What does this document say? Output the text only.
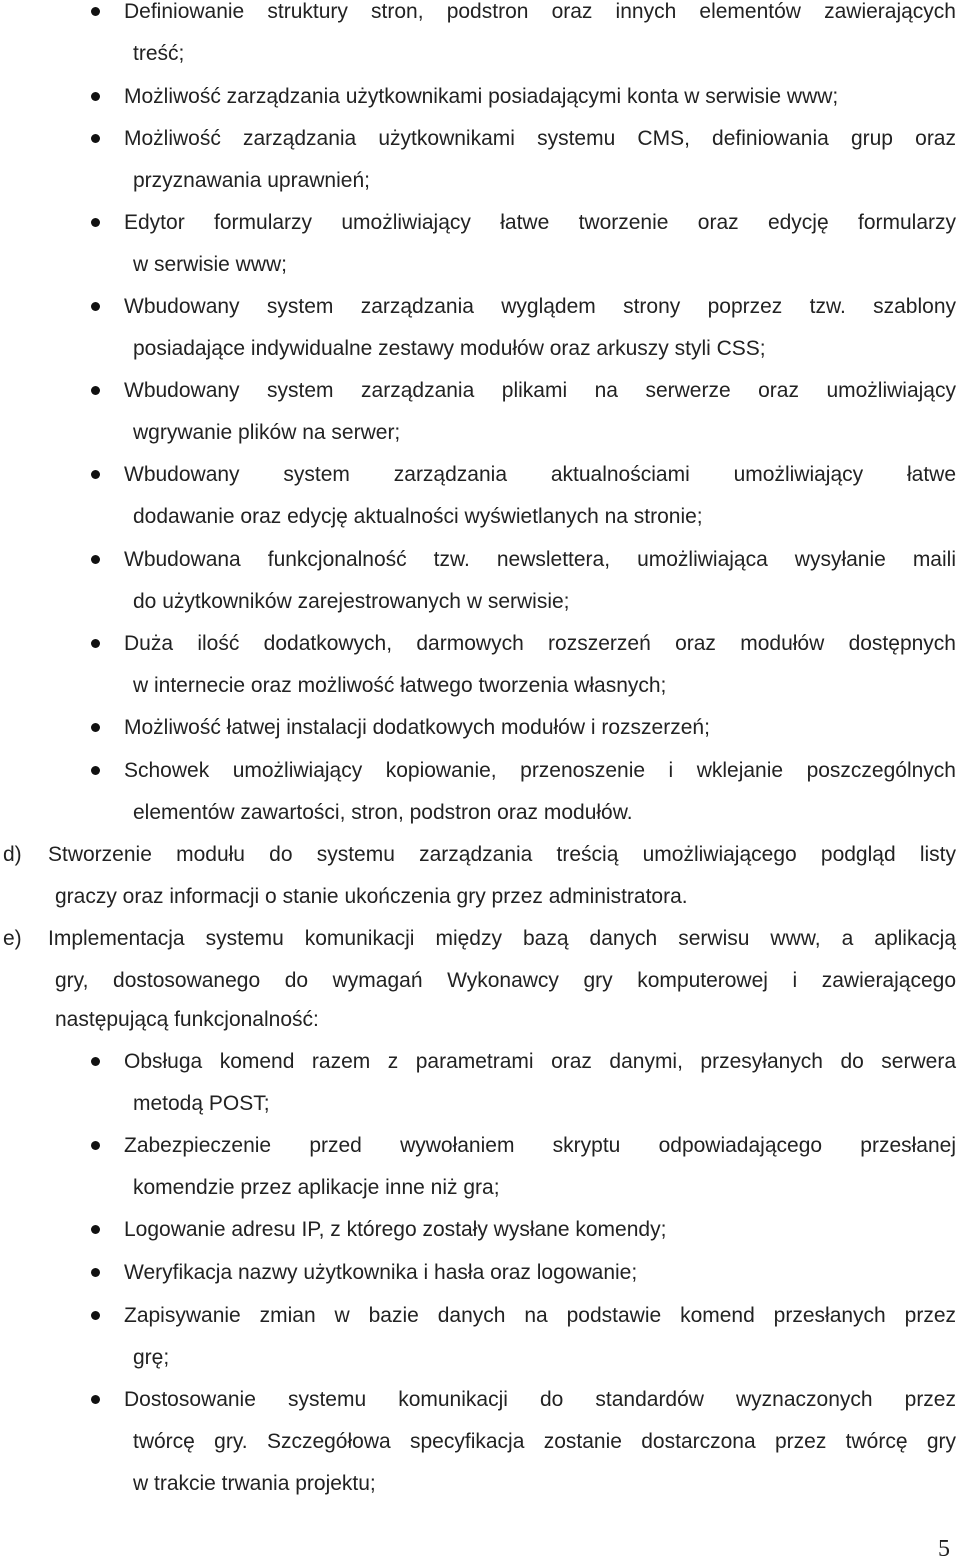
Definiowanie struktury stron, podstron oraz innych elementów zawierających
treść;
Możliwość zarządzania użytkownikami posiadającymi konta w serwisie www;
Możliwość zarządzania użytkownikami systemu CMS, definiowania grup oraz
przyznawania uprawnień;
Edytor formularzy umożliwiający łatwe tworzenie oraz edycję formularzy
w serwisie www;
Wbudowany system zarządzania wyglądem strony poprzez tzw. szablony
posiadające indywidualne zestawy modułów oraz arkuszy styli CSS;
Wbudowany system zarządzania plikami na serwerze oraz umożliwiający
wgrywanie plików na serwer;
Wbudowany system zarządzania aktualnościami umożliwiający łatwe
dodawanie oraz edycję aktualności wyświetlanych na stronie;
Wbudowana funkcjonalność tzw. newslettera, umożliwiająca wysyłanie maili
do użytkowników zarejestrowanych w serwisie;
Duża ilość dodatkowych, darmowych rozszerzeń oraz modułów dostępnych
w internecie oraz możliwość łatwego tworzenia własnych;
Możliwość łatwej instalacji dodatkowych modułów i rozszerzeń;
Schowek umożliwiający kopiowanie, przenoszenie i wklejanie poszczególnych
elementów zawartości, stron, podstron oraz modułów.
d) Stworzenie modułu do systemu zarządzania treścią umożliwiającego podgląd listy
graczy oraz informacji o stanie ukończenia gry przez administratora.
e) Implementacja systemu komunikacji między bazą danych serwisu www, a aplikacją
gry, dostosowanego do wymagań Wykonawcy gry komputerowej i zawierającego
następującą funkcjonalność:
Obsługa komend razem z parametrami oraz danymi, przesyłanych do serwera
metodą POST;
Zabezpieczenie przed wywołaniem skryptu odpowiadającego przesłanej
komendzie przez aplikacje inne niż gra;
Logowanie adresu IP, z którego zostały wysłane komendy;
Weryfikacja nazwy użytkownika i hasła oraz logowanie;
Zapisywanie zmian w bazie danych na podstawie komend przesłanych przez
grę;
Dostosowanie systemu komunikacji do standardów wyznaczonych przez
twórcę gry. Szczegółowa specyfikacja zostanie dostarczona przez twórcę gry
w trakcie trwania projektu;
5
